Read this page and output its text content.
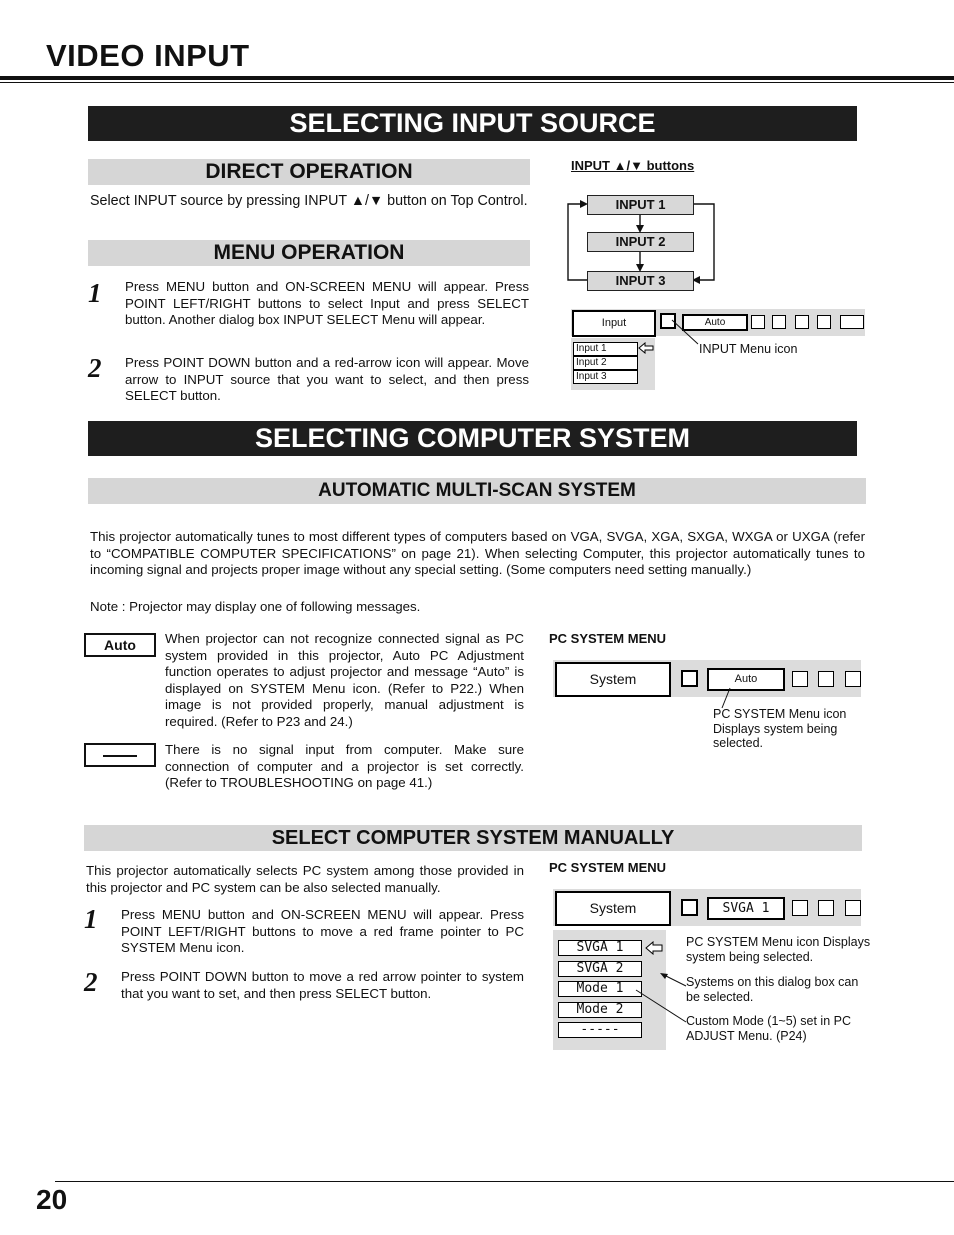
VIDEO INPUT
SELECTING INPUT SOURCE
DIRECT OPERATION
Select INPUT source by pressing INPUT ▲/▼ button on Top Control.
MENU OPERATION
1 Press MENU button and ON-SCREEN MENU will appear. Press POINT LEFT/RIGHT buttons to select Input and press SELECT button. Another dialog box INPUT SELECT Menu will appear.
2 Press POINT DOWN button and a red-arrow icon will appear. Move arrow to INPUT source that you want to select, and then press SELECT button.
INPUT ▲/▼ buttons
INPUT 1
INPUT 2
INPUT 3
Input	Auto
Input 1
Input 2
Input 3
INPUT Menu icon
SELECTING COMPUTER SYSTEM
AUTOMATIC MULTI-SCAN SYSTEM
This projector automatically tunes to most different types of computers based on VGA, SVGA, XGA, SXGA, WXGA or UXGA (refer to “COMPATIBLE COMPUTER SPECIFICATIONS” on page 21). When selecting Computer, this projector automatically tunes to incoming signal and projects proper image without any special setting. (Some computers need setting manually.)
Note : Projector may display one of following messages.
Auto	When projector can not recognize connected signal as PC system provided in this projector, Auto PC Adjustment function operates to adjust projector and message “Auto” is displayed on SYSTEM Menu icon. (Refer to P22.) When image is not provided properly, manual adjustment is required. (Refer to P23 and 24.)
There is no signal input from computer. Make sure connection of computer and a projector is set correctly. (Refer to TROUBLESHOOTING on page 41.)
PC SYSTEM MENU
System	Auto
PC SYSTEM Menu icon Displays system being selected.
SELECT COMPUTER SYSTEM MANUALLY
This projector automatically selects PC system among those provided in this projector and PC system can be also selected manually.
1 Press MENU button and ON-SCREEN MENU will appear. Press POINT LEFT/RIGHT buttons to move a red frame pointer to PC SYSTEM Menu icon.
2 Press POINT DOWN button to move a red arrow pointer to system that you want to set, and then press SELECT button.
PC SYSTEM MENU
System	SVGA 1
SVGA 1
SVGA 2
Mode 1
Mode 2
-----
PC SYSTEM Menu icon Displays system being selected.
Systems on this dialog box can be selected.
Custom Mode (1~5) set in PC ADJUST Menu. (P24)
20
